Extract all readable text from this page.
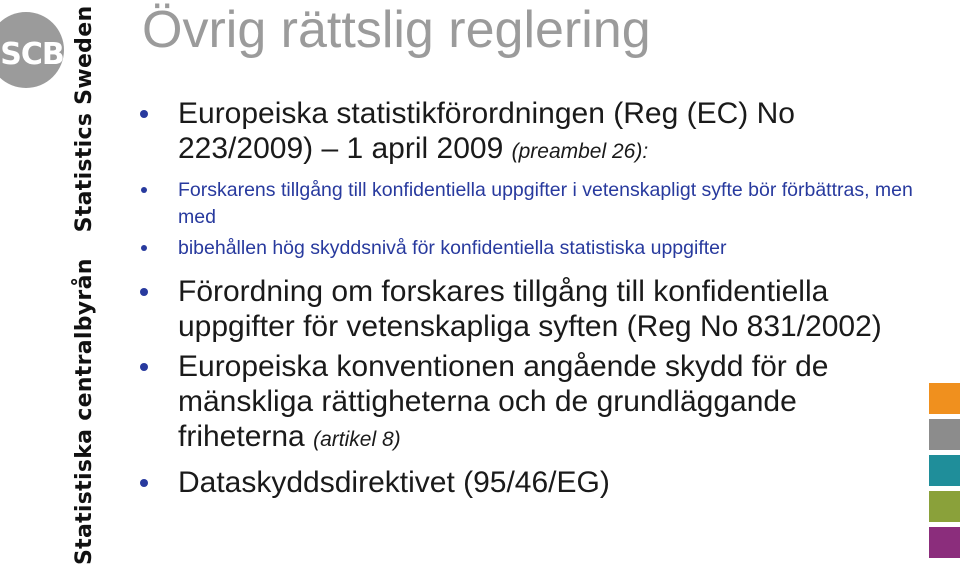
SCB
Statistiska centralbyrånStatistics Sweden Övrig rättslig reglering
Europeiska statistikförordningen (Reg (EC) No 223/2009) – 1 april 2009 (preambel 26):
Forskarens tillgång till konfidentiella uppgifter i vetenskapligt syfte bör förbättras, men med
bibehållen hög skyddsnivå för konfidentiella statistiska uppgifter
Förordning om forskares tillgång till konfidentiella uppgifter för vetenskapliga syften (Reg No 831/2002)
Europeiska konventionen angående skydd för de mänskliga rättigheterna och de grundläggande friheterna (artikel 8)
Dataskyddsdirektivet (95/46/EG)
